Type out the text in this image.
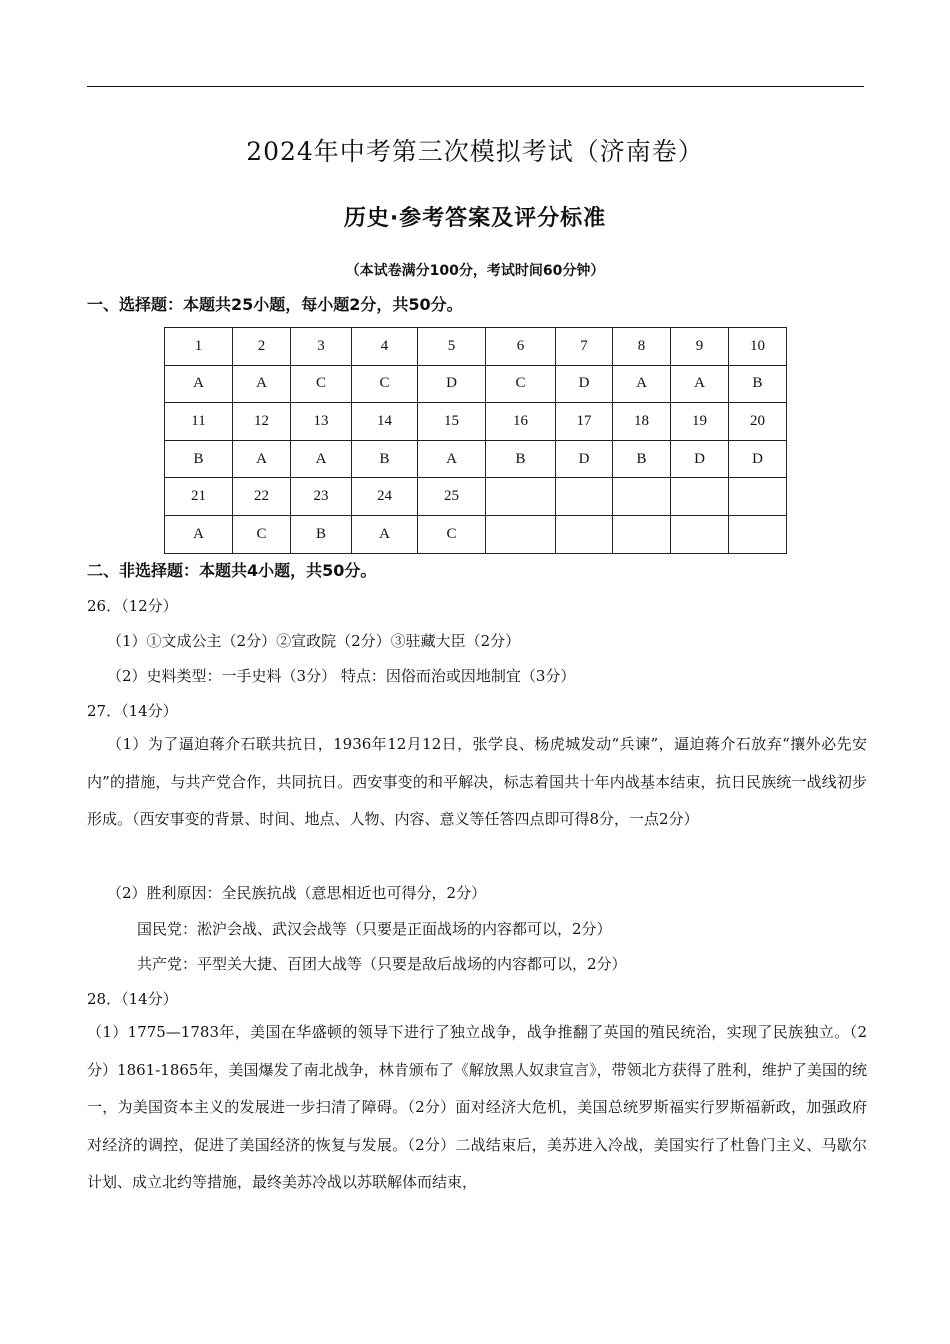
2024年中考第三次模拟考试（济南卷）
历史·参考答案及评分标准
（本试卷满分100分，考试时间60分钟）
一、选择题：本题共25小题，每小题2分，共50分。
1	2	3	4	5	6	7	8	9	10
A	A	C	C	D	C	D	A	A	B
11	12	13	14	15	16	17	18	19	20
B	A	A	B	A	B	D	B	D	D
21	22	23	24	25					
A	C	B	A	C					
二、非选择题：本题共4小题，共50分。
26．（12分）
（1）①文成公主（2分）②宣政院（2分）③驻藏大臣（2分）
（2）史料类型：一手史料（3分） 特点：因俗而治或因地制宜（3分）
27．（14分）
（1）为了逼迫蒋介石联共抗日，1936年12月12日，张学良、杨虎城发动“兵谏”，逼迫蒋介石放弃“攘外必先安内”的措施，与共产党合作，共同抗日。西安事变的和平解决，标志着国共十年内战基本结束，抗日民族统一战线初步形成。（西安事变的背景、时间、地点、人物、内容、意义等任答四点即可得8分，一点2分）
（2）胜利原因：全民族抗战（意思相近也可得分，2分）
国民党：淞沪会战、武汉会战等（只要是正面战场的内容都可以，2分）
共产党：平型关大捷、百团大战等（只要是敌后战场的内容都可以，2分）
28．（14分）
（1）1775—1783年，美国在华盛顿的领导下进行了独立战争，战争推翻了英国的殖民统治，实现了民族独立。（2分）1861-1865年，美国爆发了南北战争，林肯颁布了《解放黑人奴隶宣言》，带领北方获得了胜利，维护了美国的统一，为美国资本主义的发展进一步扫清了障碍。（2分）面对经济大危机，美国总统罗斯福实行罗斯福新政，加强政府对经济的调控，促进了美国经济的恢复与发展。（2分）二战结束后，美苏进入冷战，美国实行了杜鲁门主义、马歇尔计划、成立北约等措施，最终美苏冷战以苏联解体而结束，
